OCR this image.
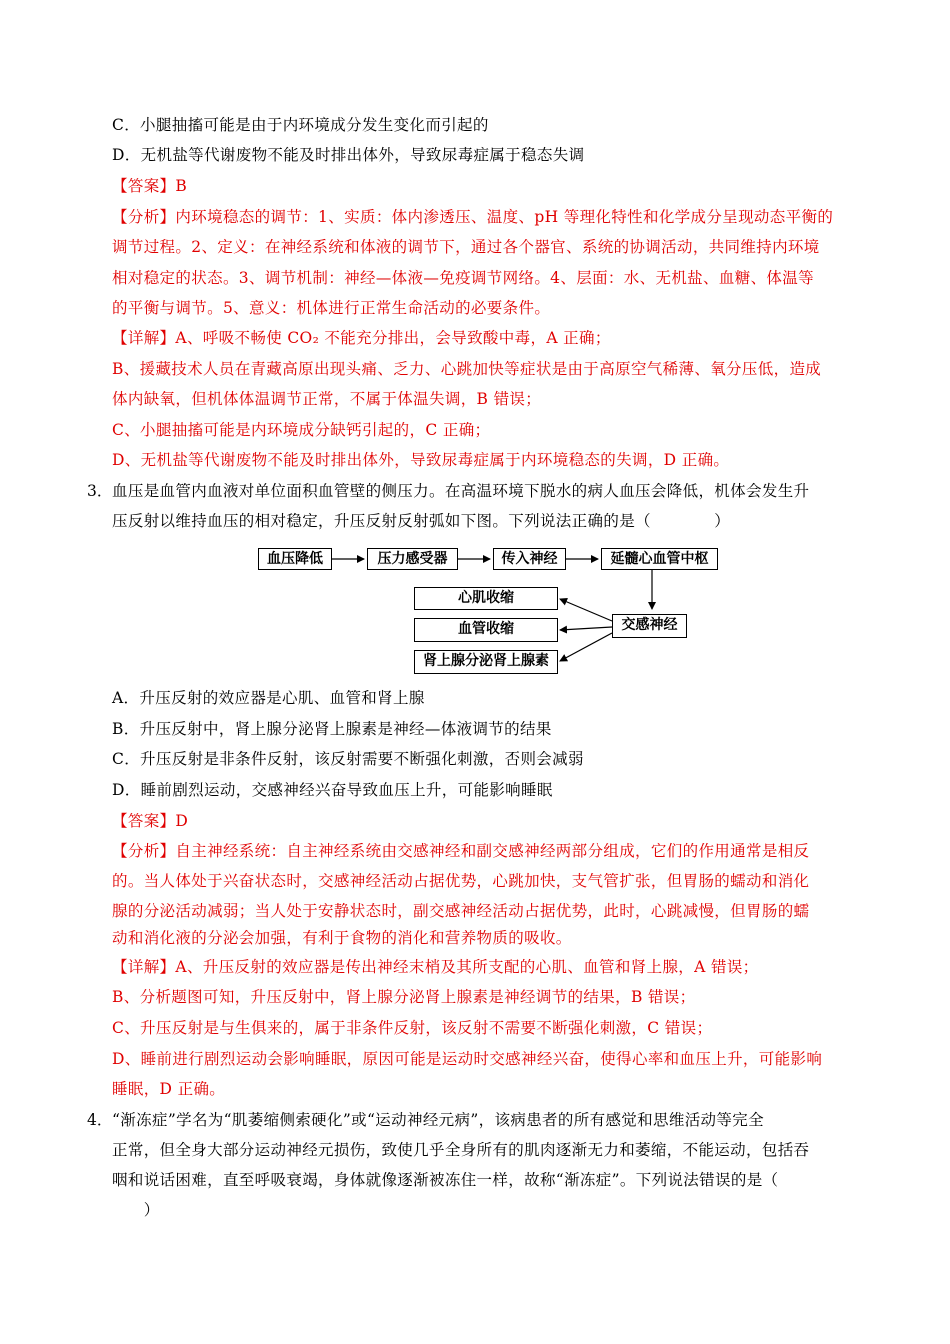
C．小腿抽搐可能是由于内环境成分发生变化而引起的
D．无机盐等代谢废物不能及时排出体外，导致尿毒症属于稳态失调
【答案】B
【分析】内环境稳态的调节：1、实质：体内渗透压、温度、pH 等理化特性和化学成分呈现动态平衡的
调节过程。2、定义：在神经系统和体液的调节下，通过各个器官、系统的协调活动，共同维持内环境
相对稳定的状态。3、调节机制：神经—体液—免疫调节网络。4、层面：水、无机盐、血糖、体温等
的平衡与调节。5、意义：机体进行正常生命活动的必要条件。
【详解】A、呼吸不畅使 CO₂ 不能充分排出，会导致酸中毒，A 正确；
B、援藏技术人员在青藏高原出现头痛、乏力、心跳加快等症状是由于高原空气稀薄、氧分压低，造成
体内缺氧，但机体体温调节正常，不属于体温失调，B 错误；
C、小腿抽搐可能是内环境成分缺钙引起的，C 正确；
D、无机盐等代谢废物不能及时排出体外，导致尿毒症属于内环境稳态的失调，D 正确。
3． 血压是血管内血液对单位面积血管壁的侧压力。在高温环境下脱水的病人血压会降低，机体会发生升
压反射以维持血压的相对稳定，升压反射反射弧如下图。下列说法正确的是（　　　　）
血压降低	压力感受器	传入神经	延髓心血管中枢
交感神经
心肌收缩
血管收缩
肾上腺分泌肾上腺素
A．升压反射的效应器是心肌、血管和肾上腺
B．升压反射中，肾上腺分泌肾上腺素是神经—体液调节的结果
C．升压反射是非条件反射，该反射需要不断强化刺激，否则会减弱
D．睡前剧烈运动，交感神经兴奋导致血压上升，可能影响睡眠
【答案】D
【分析】自主神经系统：自主神经系统由交感神经和副交感神经两部分组成，它们的作用通常是相反
的。当人体处于兴奋状态时，交感神经活动占据优势，心跳加快，支气管扩张，但胃肠的蠕动和消化
腺的分泌活动减弱；当人处于安静状态时，副交感神经活动占据优势，此时，心跳减慢，但胃肠的蠕
动和消化液的分泌会加强，有利于食物的消化和营养物质的吸收。
【详解】A、升压反射的效应器是传出神经末梢及其所支配的心肌、血管和肾上腺，A 错误；
B、分析题图可知，升压反射中，肾上腺分泌肾上腺素是神经调节的结果，B 错误；
C、升压反射是与生俱来的，属于非条件反射，该反射不需要不断强化刺激，C 错误；
D、睡前进行剧烈运动会影响睡眠，原因可能是运动时交感神经兴奋，使得心率和血压上升，可能影响
睡眠，D 正确。
4． “渐冻症”学名为“肌萎缩侧索硬化”或“运动神经元病”，该病患者的所有感觉和思维活动等完全
正常，但全身大部分运动神经元损伤，致使几乎全身所有的肌肉逐渐无力和萎缩，不能运动，包括吞
咽和说话困难，直至呼吸衰竭，身体就像逐渐被冻住一样，故称“渐冻症”。下列说法错误的是（
　　）
